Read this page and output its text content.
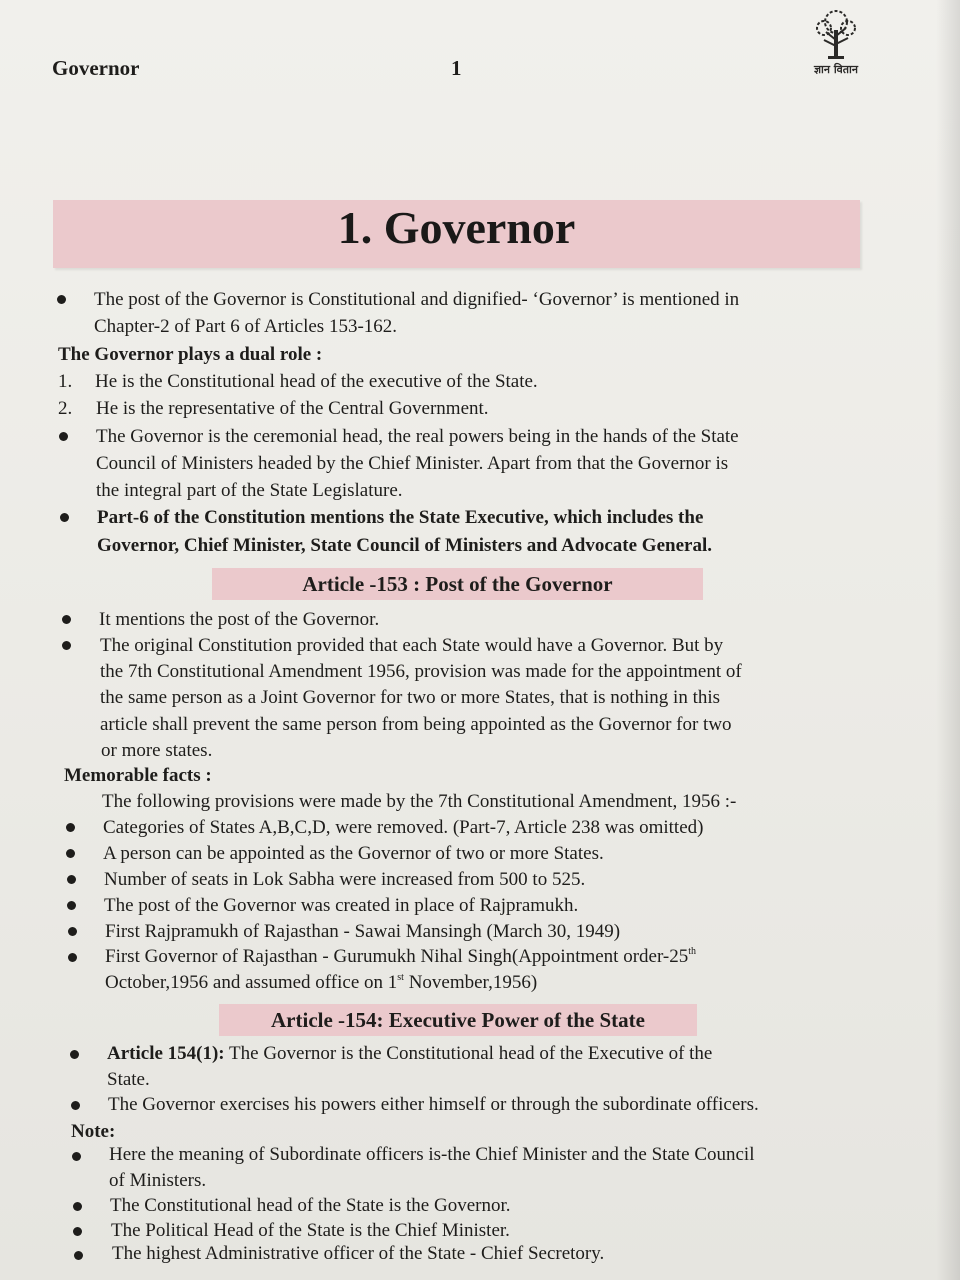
Governor	1	ज्ञान वितान
1. Governor
The post of the Governor is Constitutional and dignified- ‘Governor’ is mentioned in
Chapter-2 of Part 6 of Articles 153-162.
The Governor plays a dual role :
1. He is the Constitutional head of the executive of the State.
2. He is the representative of the Central Government.
The Governor is the ceremonial head, the real powers being in the hands of the State
Council of Ministers headed by the Chief Minister. Apart from that the Governor is
the integral part of the State Legislature.
Part-6 of the Constitution mentions the State Executive, which includes the
Governor, Chief Minister, State Council of Ministers and Advocate General.
Article -153 : Post of the Governor
It mentions the post of the Governor.
The original Constitution provided that each State would have a Governor. But by
the 7th Constitutional Amendment 1956, provision was made for the appointment of
the same person as a Joint Governor for two or more States, that is nothing in this
article shall prevent the same person from being appointed as the Governor for two
or more states.
Memorable facts :
The following provisions were made by the 7th Constitutional Amendment, 1956 :-
Categories of States A,B,C,D, were removed. (Part-7, Article 238 was omitted)
A person can be appointed as the Governor of two or more States.
Number of seats in Lok Sabha were increased from 500 to 525.
The post of the Governor was created in place of Rajpramukh.
First Rajpramukh of Rajasthan - Sawai Mansingh (March 30, 1949)
First Governor of Rajasthan - Gurumukh Nihal Singh(Appointment order-25th
October,1956 and assumed office on 1st November,1956)
Article -154: Executive Power of the State
Article 154(1): The Governor is the Constitutional head of the Executive of the
State.
The Governor exercises his powers either himself or through the subordinate officers.
Note:
Here the meaning of Subordinate officers is-the Chief Minister and the State Council
of Ministers.
The Constitutional head of the State is the Governor.
The Political Head of the State is the Chief Minister.
The highest Administrative officer of the State - Chief Secretory.
